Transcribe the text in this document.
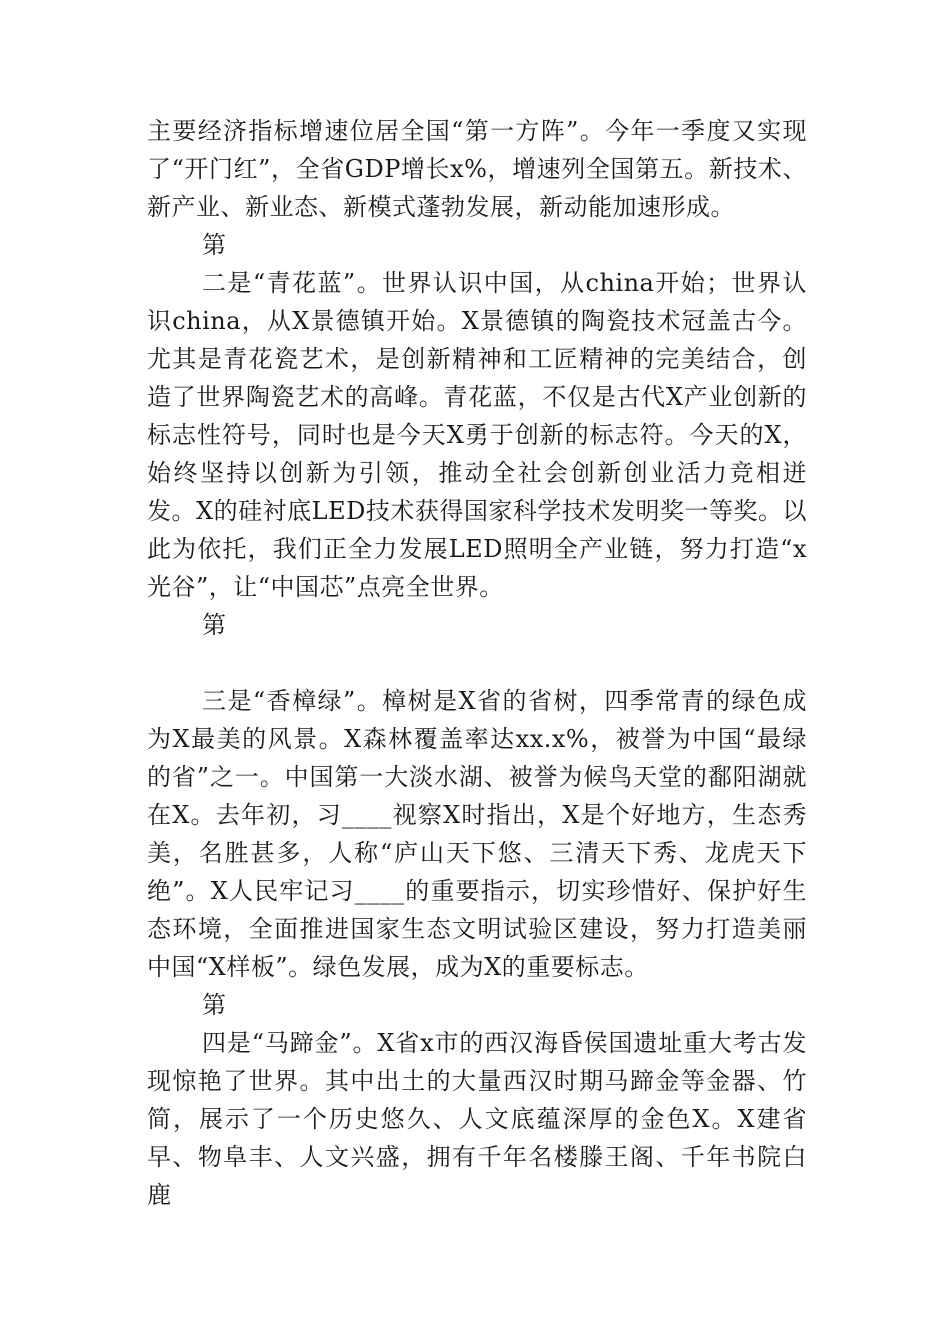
主要经济指标增速位居全国“第一方阵”。今年一季度又实现了“开门红”，全省GDP增长x%，增速列全国第五。新技术、新产业、新业态、新模式蓬勃发展，新动能加速形成。

第

二是“青花蓝”。世界认识中国，从china开始；世界认识china，从X景德镇开始。X景德镇的陶瓷技术冠盖古今。尤其是青花瓷艺术，是创新精神和工匠精神的完美结合，创造了世界陶瓷艺术的高峰。青花蓝，不仅是古代X产业创新的标志性符号，同时也是今天X勇于创新的标志符。今天的X，始终坚持以创新为引领，推动全社会创新创业活力竞相迸发。X的硅衬底LED技术获得国家科学技术发明奖一等奖。以此为依托，我们正全力发展LED照明全产业链，努力打造“x光谷”，让“中国芯”点亮全世界。

第

三是“香樟绿”。樟树是X省的省树，四季常青的绿色成为X最美的风景。X森林覆盖率达xx.x%，被誉为中国“最绿的省”之一。中国第一大淡水湖、被誉为候鸟天堂的鄱阳湖就在X。去年初，习____视察X时指出，X是个好地方，生态秀美，名胜甚多，人称“庐山天下悠、三清天下秀、龙虎天下绝”。X人民牢记习____的重要指示，切实珍惜好、保护好生态环境，全面推进国家生态文明试验区建设，努力打造美丽中国“X样板”。绿色发展，成为X的重要标志。

第

四是“马蹄金”。X省x市的西汉海昏侯国遗址重大考古发现惊艳了世界。其中出土的大量西汉时期马蹄金等金器、竹简，展示了一个历史悠久、人文底蕴深厚的金色X。X建省早、物阜丰、人文兴盛，拥有千年名楼滕王阁、千年书院白鹿
